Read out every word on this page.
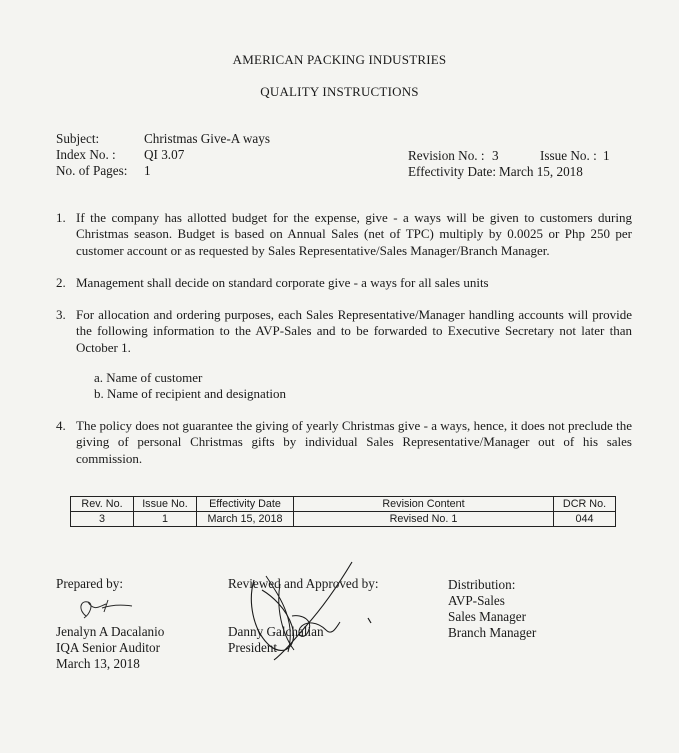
AMERICAN PACKING INDUSTRIES
QUALITY INSTRUCTIONS
Subject:	Christmas Give-A ways
Index No. : QI 3.07
No. of Pages: 1
Revision No. : 3	Issue No. : 1
Effectivity Date: March 15, 2018
1. If the company has allotted budget for the expense, give - a ways will be given to customers during Christmas season. Budget is based on Annual Sales (net of TPC) multiply by 0.0025 or Php 250 per customer account or as requested by Sales Representative/Sales Manager/Branch Manager.
2. Management shall decide on standard corporate give - a ways for all sales units
3. For allocation and ordering purposes, each Sales Representative/Manager handling accounts will provide the following information to the AVP-Sales and to be forwarded to Executive Secretary not later than October 1.
a. Name of customer
b. Name of recipient and designation
4. The policy does not guarantee the giving of yearly Christmas give - a ways, hence, it does not preclude the giving of personal Christmas gifts by individual Sales Representative/Manager out of his sales commission.
Rev. No.	Issue No.	Effectivity Date	Revision Content	DCR No.
3	1	March 15, 2018	Revised No. 1	044
Prepared by:
Jenalyn A Dacalanio
IQA Senior Auditor
March 13, 2018
Reviewed and Approved by:
Danny Galchalian
President
Distribution:
AVP-Sales
Sales Manager
Branch Manager
